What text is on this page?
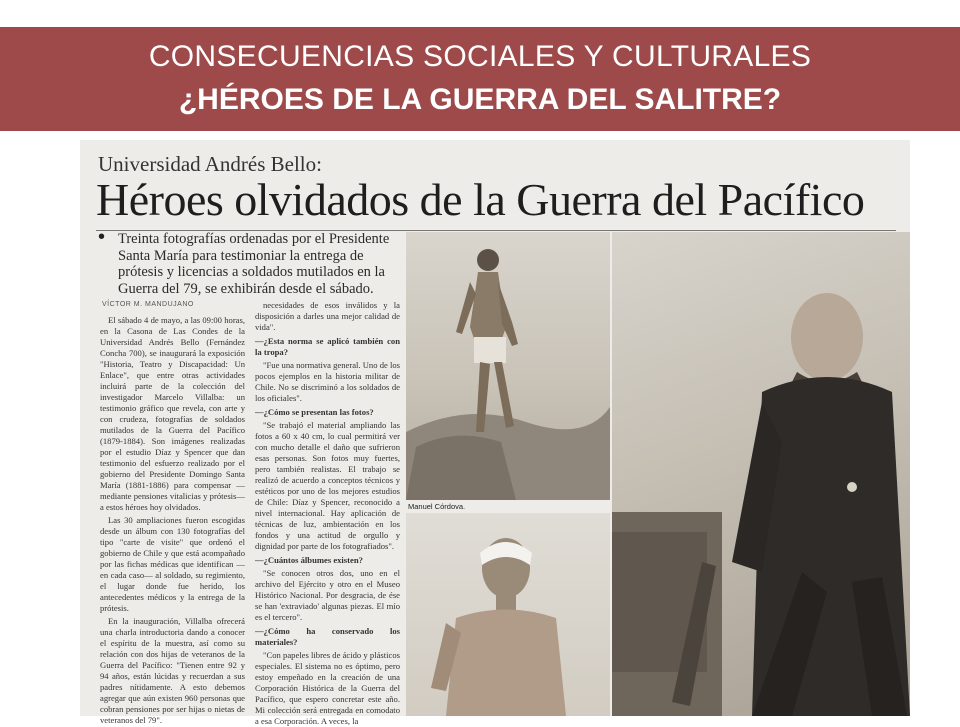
CONSECUENCIAS SOCIALES Y CULTURALES
¿HÉROES DE LA GUERRA DEL SALITRE?
Universidad Andrés Bello:
Héroes olvidados de la Guerra del Pacífico
• Treinta fotografías ordenadas por el Presidente Santa María para testimoniar la entrega de prótesis y licencias a soldados mutilados en la Guerra del 79, se exhibirán desde el sábado.
VÍCTOR M. MANDUJANO

El sábado 4 de mayo, a las 09:00 horas, en la Casona de Las Condes de la Universidad Andrés Bello (Fernández Concha 700), se inaugurará la exposición "Historia, Teatro y Discapacidad: Un Enlace", que entre otras actividades incluirá parte de la colección del investigador Marcelo Villalba: un testimonio gráfico que revela, con arte y con crudeza, fotografías de soldados mutilados de la Guerra del Pacífico (1879-1884). Son imágenes realizadas por el estudio Díaz y Spencer que dan testimonio del esfuerzo realizado por el gobierno del Presidente Domingo Santa María (1881-1886) para compensar —mediante pensiones vitalicias y prótesis— a estos héroes hoy olvidados.

Las 30 ampliaciones fueron escogidas desde un álbum con 130 fotografías del tipo "carte de visite" que ordenó el gobierno de Chile y que está acompañado por las fichas médicas que identifican —en cada caso— al soldado, su regimiento, el lugar donde fue herido, los antecedentes médicos y la entrega de la prótesis.

En la inauguración, Villalba ofrecerá una charla introductoria dando a conocer el espíritu de la muestra, así como su relación con dos hijas de veteranos de la Guerra del Pacífico: "Tienen entre 92 y 94 años, están lúcidas y recuerdan a sus padres nítidamente. A esto debemos agregar que aún existen 960 personas que cobran pensiones por ser hijas o nietas de veteranos del 79".

necesidades de esos inválidos y la disposición a darles una mejor calidad de vida".

—¿Esta norma se aplicó también con la tropa?

"Fue una normativa general. Uno de los pocos ejemplos en la historia militar de Chile. No se discriminó a los soldados de los oficiales".

—¿Cómo se presentan las fotos?

"Se trabajó el material ampliando las fotos a 60 x 40 cm, lo cual permitirá ver con mucho detalle el daño que sufrieron esas personas. Son fotos muy fuertes, pero también realistas. El trabajo se realizó de acuerdo a conceptos técnicos y estéticos por uno de los mejores estudios de Chile: Díaz y Spencer, reconocido a nivel internacional. Hay aplicación de técnicas de luz, ambientación en los fondos y una actitud de orgullo y dignidad por parte de los fotografiados".

—¿Cuántos álbumes existen?

"Se conocen otros dos, uno en el archivo del Ejército y otro en el Museo Histórico Nacional. Por desgracia, de ése se han 'extraviado' algunas piezas. El mío es el tercero".

—¿Cómo ha conservado los materiales?

"Con papeles libres de ácido y plásticos especiales. El sistema no es óptimo, pero estoy empeñado en la creación de una Corporación Histórica de la Guerra del Pacífico, que espero concretar este año. Mi colección será entregada en comodato a esa Corporación. A veces, la

Manuel Córdova.
